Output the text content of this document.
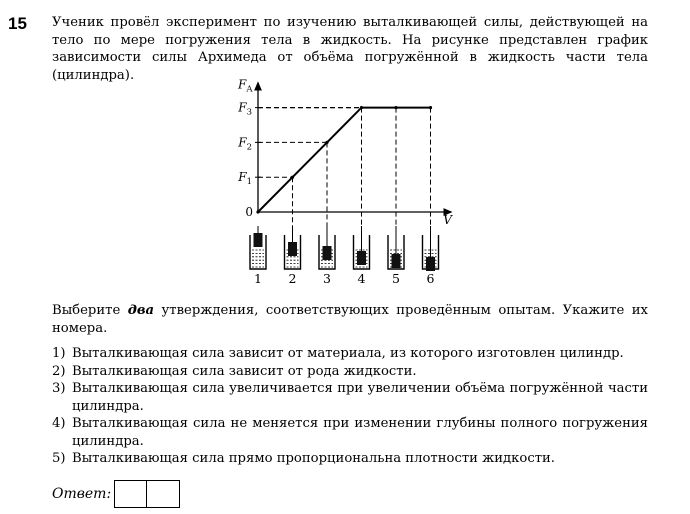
15 Ученик провёл эксперимент по изучению выталкивающей силы, действующей на тело по мере погружения тела в жидкость. На рисунке представлен график зависимости силы Архимеда от объёма погружённой в жидкость части тела (цилиндра).
$F_A$
V
0
$F_1$
$F_2$
$F_3$
1 2 3 4 5 6
Выберите два утверждения, соответствующих проведённым опытам. Укажите их номера.
1) Выталкивающая сила зависит от материала, из которого изготовлен цилиндр.
2) Выталкивающая сила зависит от рода жидкости.
3) Выталкивающая сила увеличивается при увеличении объёма погружённой части цилиндра.
4) Выталкивающая сила не меняется при изменении глубины полного погружения цилиндра.
5) Выталкивающая сила прямо пропорциональна плотности жидкости.
Ответ:
